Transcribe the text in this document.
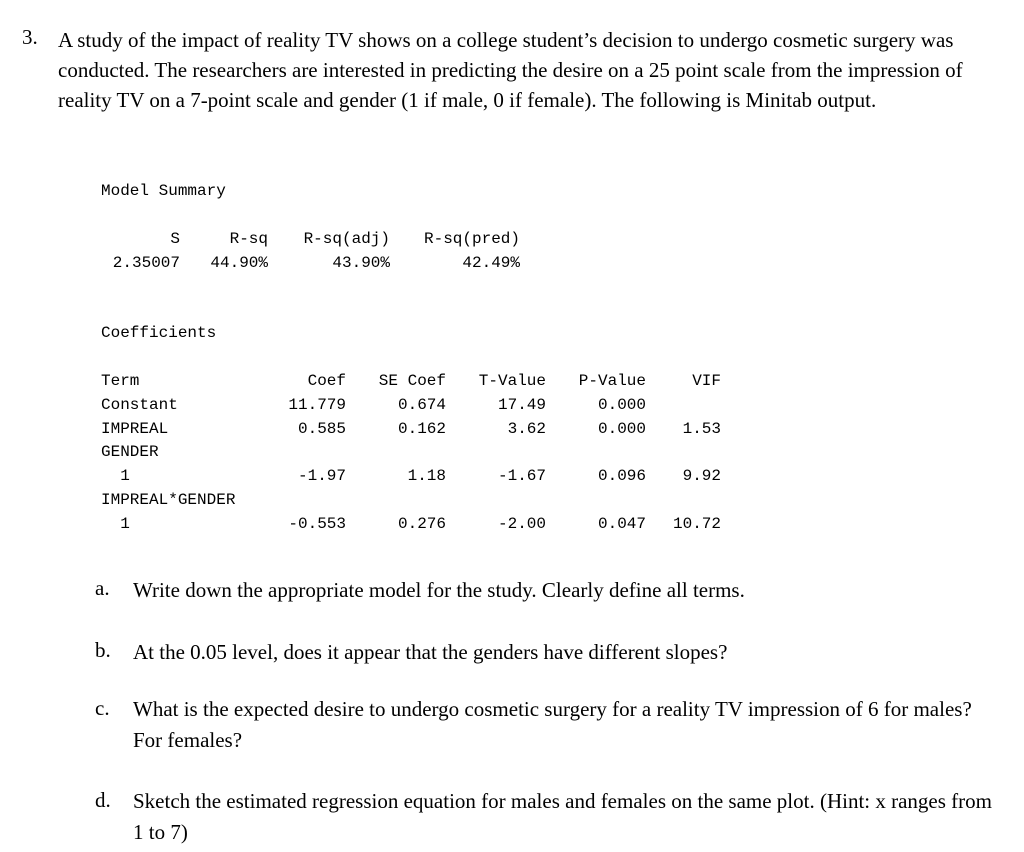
3. A study of the impact of reality TV shows on a college student’s decision to undergo cosmetic surgery was conducted. The researchers are interested in predicting the desire on a 25 point scale from the impression of reality TV on a 7-point scale and gender (1 if male, 0 if female). The following is Minitab output.
Model Summary
S	R-sq	R-sq(adj)	R-sq(pred)
2.35007	44.90%	43.90%	42.49%
Coefficients
Term	Coef	SE Coef	T-Value	P-Value	VIF
Constant	11.779	0.674	17.49	0.000
IMPREAL	0.585	0.162	3.62	0.000	1.53
GENDER
1	-1.97	1.18	-1.67	0.096	9.92
IMPREAL*GENDER
1	-0.553	0.276	-2.00	0.047	10.72
a. Write down the appropriate model for the study. Clearly define all terms.
b. At the 0.05 level, does it appear that the genders have different slopes?
c. What is the expected desire to undergo cosmetic surgery for a reality TV impression of 6 for males? For females?
d. Sketch the estimated regression equation for males and females on the same plot. (Hint: x ranges from 1 to 7)
